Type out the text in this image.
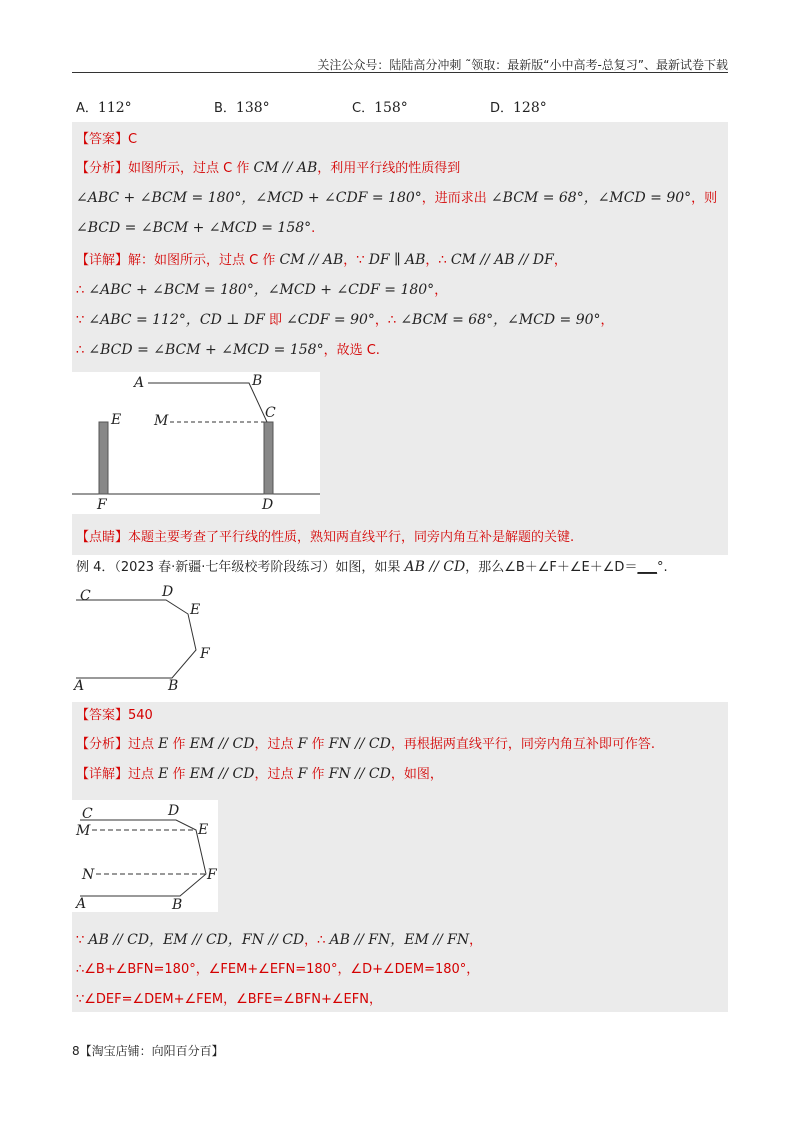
关注公众号：陆陆高分冲刺 ˜领取：最新版“小中高考-总复习”、最新试卷下载
A．112°	B．138°	C．158°	D．128°
【答案】C
【分析】如图所示，过点 C 作 CM // AB，利用平行线的性质得到
∠ABC + ∠BCM = 180°，∠MCD + ∠CDF = 180°，进而求出 ∠BCM = 68°，∠MCD = 90°，则
∠BCD = ∠BCM + ∠MCD = 158°.
【详解】解：如图所示，过点 C 作 CM // AB，∵ DF ∥ AB，∴ CM // AB // DF，
∴ ∠ABC + ∠BCM = 180°，∠MCD + ∠CDF = 180°，
∵ ∠ABC = 112°，CD ⊥ DF 即 ∠CDF = 90°，∴ ∠BCM = 68°，∠MCD = 90°，
∴ ∠BCD = ∠BCM + ∠MCD = 158°，故选 C.
A	B
C
M
E
F	D
【点睛】本题主要考查了平行线的性质，熟知两直线平行，同旁内角互补是解题的关键.
例 4．（2023 春·新疆·七年级校考阶段练习）如图，如果 AB // CD，那么∠B＋∠F＋∠E＋∠D＝___°.
C	D
E
F
A	B
【答案】540
【分析】过点 E 作 EM // CD，过点 F 作 FN // CD，再根据两直线平行，同旁内角互补即可作答.
【详解】过点 E 作 EM // CD，过点 F 作 FN // CD，如图，
C	D
M	E
N	F
A	B
∵ AB // CD，EM // CD，FN // CD，∴ AB // FN，EM // FN，
∴∠B+∠BFN=180°，∠FEM+∠EFN=180°，∠D+∠DEM=180°，
∵∠DEF=∠DEM+∠FEM，∠BFE=∠BFN+∠EFN，
8【淘宝店铺：向阳百分百】
